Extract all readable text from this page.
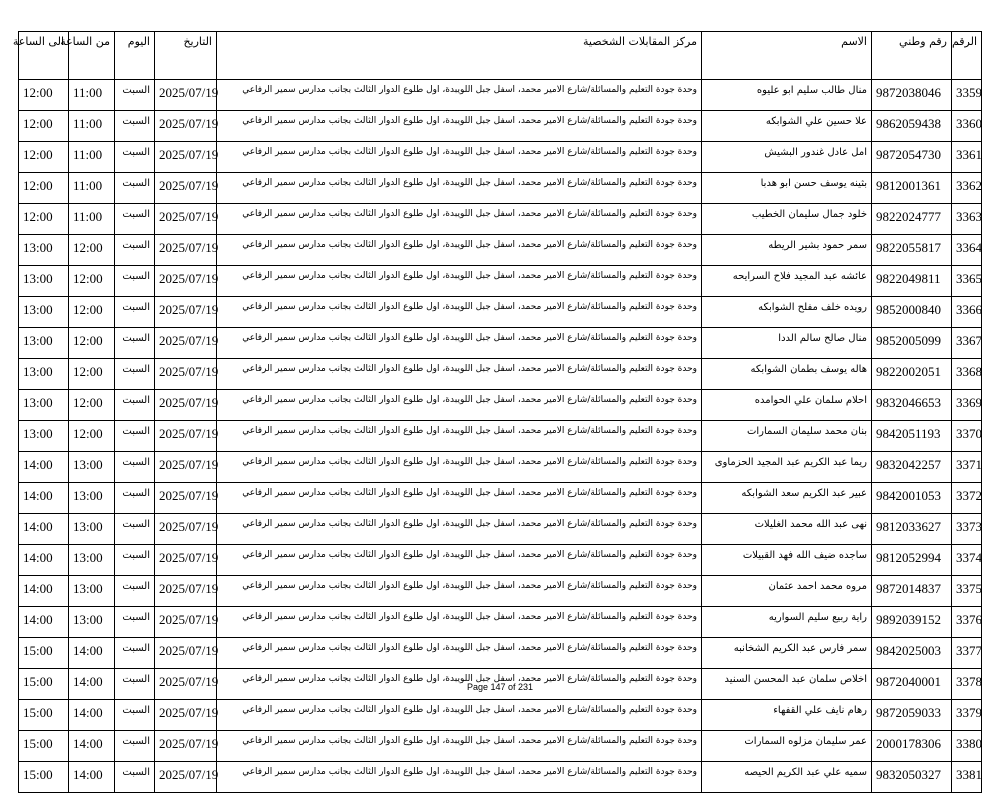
الرقم	رقم وطني	الاسم	مركز المقابلات الشخصية	التاريخ	اليوم	من الساعة	الى الساعة
3359	9872038046	منال طالب سليم ابو عليوه	وحدة جودة التعليم والمسائلة/شارع الامير محمد، اسفل جبل اللويبدة، اول طلوع الدوار الثالث بجانب مدارس سمير الرفاعي	2025/07/19	السبت	11:00	12:00
3360	9862059438	علا حسين علي الشوابكه	وحدة جودة التعليم والمسائلة/شارع الامير محمد، اسفل جبل اللويبدة، اول طلوع الدوار الثالث بجانب مدارس سمير الرفاعي	2025/07/19	السبت	11:00	12:00
3361	9872054730	امل عادل غندور البشيش	وحدة جودة التعليم والمسائلة/شارع الامير محمد، اسفل جبل اللويبدة، اول طلوع الدوار الثالث بجانب مدارس سمير الرفاعي	2025/07/19	السبت	11:00	12:00
3362	9812001361	بثينه يوسف حسن ابو هدبا	وحدة جودة التعليم والمسائلة/شارع الامير محمد، اسفل جبل اللويبدة، اول طلوع الدوار الثالث بجانب مدارس سمير الرفاعي	2025/07/19	السبت	11:00	12:00
3363	9822024777	خلود جمال سليمان الخطيب	وحدة جودة التعليم والمسائلة/شارع الامير محمد، اسفل جبل اللويبدة، اول طلوع الدوار الثالث بجانب مدارس سمير الرفاعي	2025/07/19	السبت	11:00	12:00
3364	9822055817	سمر حمود بشير الريطه	وحدة جودة التعليم والمسائلة/شارع الامير محمد، اسفل جبل اللويبدة، اول طلوع الدوار الثالث بجانب مدارس سمير الرفاعي	2025/07/19	السبت	12:00	13:00
3365	9822049811	عائشه عبد المجيد فلاح السرايحه	وحدة جودة التعليم والمسائلة/شارع الامير محمد، اسفل جبل اللويبدة، اول طلوع الدوار الثالث بجانب مدارس سمير الرفاعي	2025/07/19	السبت	12:00	13:00
3366	9852000840	رويده خلف مفلح الشوابكه	وحدة جودة التعليم والمسائلة/شارع الامير محمد، اسفل جبل اللويبدة، اول طلوع الدوار الثالث بجانب مدارس سمير الرفاعي	2025/07/19	السبت	12:00	13:00
3367	9852005099	منال صالح سالم الددا	وحدة جودة التعليم والمسائلة/شارع الامير محمد، اسفل جبل اللويبدة، اول طلوع الدوار الثالث بجانب مدارس سمير الرفاعي	2025/07/19	السبت	12:00	13:00
3368	9822002051	هاله يوسف بطمان الشوابكه	وحدة جودة التعليم والمسائلة/شارع الامير محمد، اسفل جبل اللويبدة، اول طلوع الدوار الثالث بجانب مدارس سمير الرفاعي	2025/07/19	السبت	12:00	13:00
3369	9832046653	احلام سلمان علي الحوامده	وحدة جودة التعليم والمسائلة/شارع الامير محمد، اسفل جبل اللويبدة، اول طلوع الدوار الثالث بجانب مدارس سمير الرفاعي	2025/07/19	السبت	12:00	13:00
3370	9842051193	بنان محمد سليمان السمارات	وحدة جودة التعليم والمسائلة/شارع الامير محمد، اسفل جبل اللويبدة، اول طلوع الدوار الثالث بجانب مدارس سمير الرفاعي	2025/07/19	السبت	12:00	13:00
3371	9832042257	ريما عبد الكريم عبد المجيد الحزماوى	وحدة جودة التعليم والمسائلة/شارع الامير محمد، اسفل جبل اللويبدة، اول طلوع الدوار الثالث بجانب مدارس سمير الرفاعي	2025/07/19	السبت	13:00	14:00
3372	9842001053	عبير عبد الكريم سعد الشوابكه	وحدة جودة التعليم والمسائلة/شارع الامير محمد، اسفل جبل اللويبدة، اول طلوع الدوار الثالث بجانب مدارس سمير الرفاعي	2025/07/19	السبت	13:00	14:00
3373	9812033627	نهى عبد الله محمد الغليلات	وحدة جودة التعليم والمسائلة/شارع الامير محمد، اسفل جبل اللويبدة، اول طلوع الدوار الثالث بجانب مدارس سمير الرفاعي	2025/07/19	السبت	13:00	14:00
3374	9812052994	ساجده ضيف الله فهد القبيلات	وحدة جودة التعليم والمسائلة/شارع الامير محمد، اسفل جبل اللويبدة، اول طلوع الدوار الثالث بجانب مدارس سمير الرفاعي	2025/07/19	السبت	13:00	14:00
3375	9872014837	مروه محمد احمد عثمان	وحدة جودة التعليم والمسائلة/شارع الامير محمد، اسفل جبل اللويبدة، اول طلوع الدوار الثالث بجانب مدارس سمير الرفاعي	2025/07/19	السبت	13:00	14:00
3376	9892039152	راية ربيع سليم السواريه	وحدة جودة التعليم والمسائلة/شارع الامير محمد، اسفل جبل اللويبدة، اول طلوع الدوار الثالث بجانب مدارس سمير الرفاعي	2025/07/19	السبت	13:00	14:00
3377	9842025003	سمر فارس عبد الكريم الشخانبه	وحدة جودة التعليم والمسائلة/شارع الامير محمد، اسفل جبل اللويبدة، اول طلوع الدوار الثالث بجانب مدارس سمير الرفاعي	2025/07/19	السبت	14:00	15:00
3378	9872040001	اخلاص سلمان عبد المحسن السنيد	وحدة جودة التعليم والمسائلة/شارع الامير محمد، اسفل جبل اللويبدة، اول طلوع الدوار الثالث بجانب مدارس سمير الرفاعي	2025/07/19	السبت	14:00	15:00
3379	9872059033	رهام نايف علي القفهاء	وحدة جودة التعليم والمسائلة/شارع الامير محمد، اسفل جبل اللويبدة، اول طلوع الدوار الثالث بجانب مدارس سمير الرفاعي	2025/07/19	السبت	14:00	15:00
3380	2000178306	عمر سليمان مزلوه السمارات	وحدة جودة التعليم والمسائلة/شارع الامير محمد، اسفل جبل اللويبدة، اول طلوع الدوار الثالث بجانب مدارس سمير الرفاعي	2025/07/19	السبت	14:00	15:00
3381	9832050327	سميه علي عبد الكريم الحيصه	وحدة جودة التعليم والمسائلة/شارع الامير محمد، اسفل جبل اللويبدة، اول طلوع الدوار الثالث بجانب مدارس سمير الرفاعي	2025/07/19	السبت	14:00	15:00
Page 147 of 231
